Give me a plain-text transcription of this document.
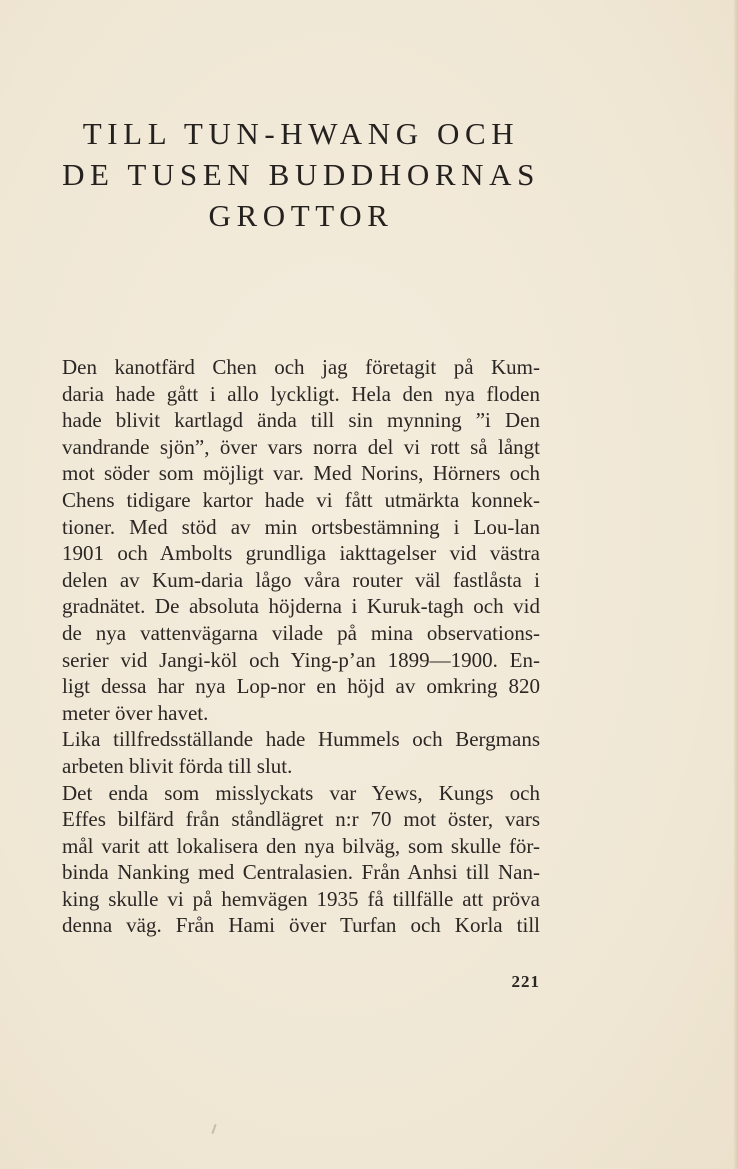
TILL TUN-HWANG OCH
DE TUSEN BUDDHORNAS
GROTTOR

Den kanotfärd Chen och jag företagit på Kum-
daria hade gått i allo lyckligt. Hela den nya floden
hade blivit kartlagd ända till sin mynning ”i Den
vandrande sjön”, över vars norra del vi rott så långt
mot söder som möjligt var. Med Norins, Hörners och
Chens tidigare kartor hade vi fått utmärkta konnek-
tioner. Med stöd av min ortsbestämning i Lou-lan
1901 och Ambolts grundliga iakttagelser vid västra
delen av Kum-daria lågo våra router väl fastlåsta i
gradnätet. De absoluta höjderna i Kuruk-tagh och vid
de nya vattenvägarna vilade på mina observations-
serier vid Jangi-köl och Ying-p’an 1899—1900. En-
ligt dessa har nya Lop-nor en höjd av omkring 820
meter över havet.

Lika tillfredsställande hade Hummels och Bergmans
arbeten blivit förda till slut.

Det enda som misslyckats var Yews, Kungs och
Effes bilfärd från ståndlägret n:r 70 mot öster, vars
mål varit att lokalisera den nya bilväg, som skulle för-
binda Nanking med Centralasien. Från Anhsi till Nan-
king skulle vi på hemvägen 1935 få tillfälle att pröva
denna väg. Från Hami över Turfan och Korla till

221
